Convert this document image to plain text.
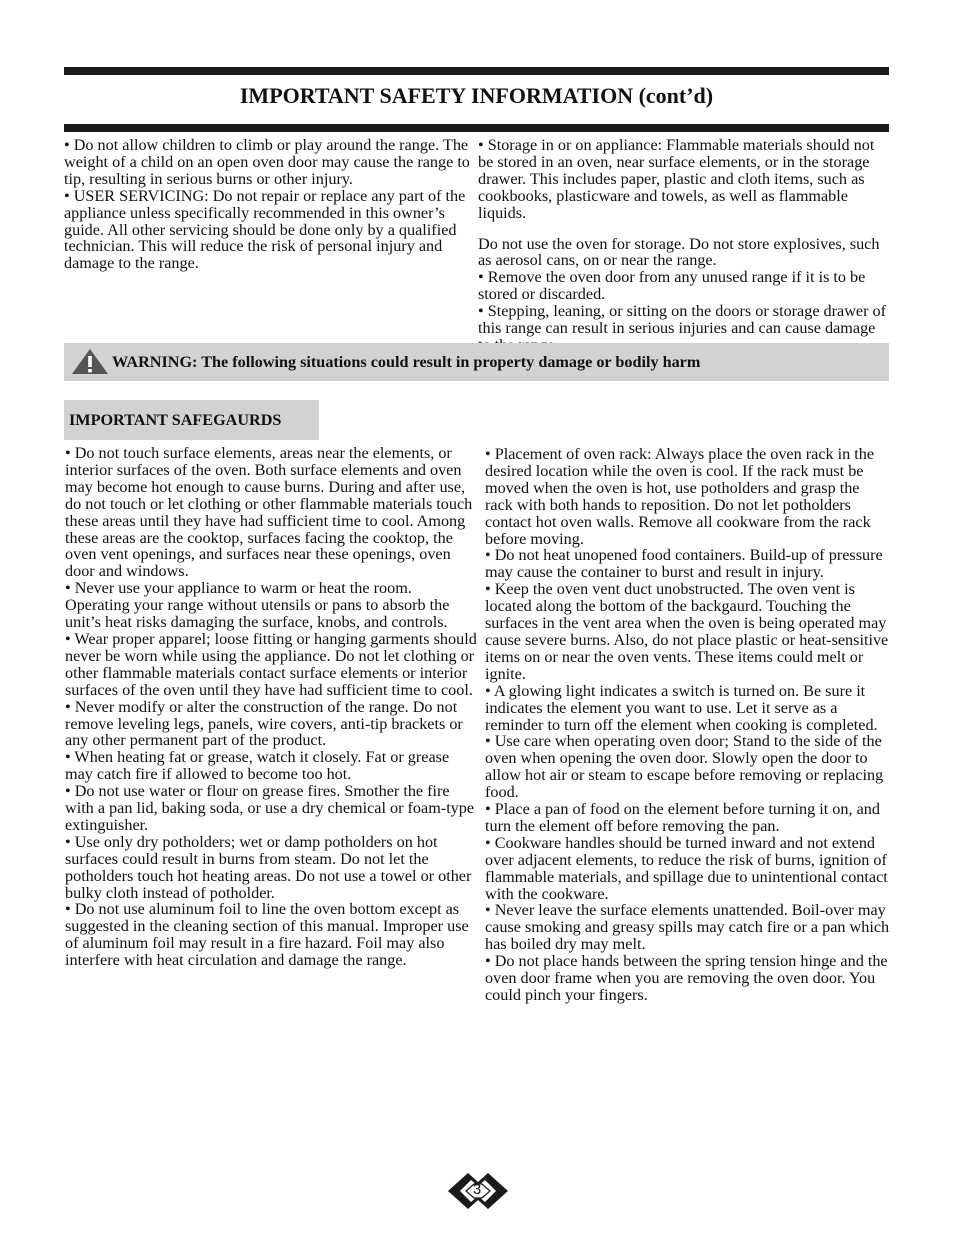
IMPORTANT SAFETY INFORMATION (cont’d)

• Do not allow children to climb or play around the range. The weight of a child on an open oven door may cause the range to tip, resulting in serious burns or other injury.

• USER SERVICING: Do not repair or replace any part of the appliance unless specifically recommended in this owner’s guide. All other servicing should be done only by a qualified technician. This will reduce the risk of personal injury and damage to the range.

• Storage in or on appliance: Flammable materials should not be stored in an oven, near surface elements, or in the storage drawer. This includes paper, plastic and cloth items, such as cookbooks, plasticware and towels, as well as flammable liquids.

Do not use the oven for storage. Do not store explosives, such as aerosol cans, on or near the range.

• Remove the oven door from any unused range if it is to be stored or discarded.

• Stepping, leaning, or sitting on the doors or storage drawer of this range can result in serious injuries and can cause damage

WARNING: The following situations could result in property damage or bodily harm
IMPORTANT SAFEGAURDS

• Do not touch surface elements, areas near the elements, or interior surfaces of the oven. Both surface elements and oven may become hot enough to cause burns. During and after use, do not touch or let clothing or other flammable materials touch these areas until they have had sufficient time to cool. Among these areas are the cooktop, surfaces facing the cooktop, the oven vent openings, and surfaces near these openings, oven door and windows.

• Never use your appliance to warm or heat the room. Operating your range without utensils or pans to absorb the unit’s heat risks damaging the surface, knobs, and controls.

• Wear proper apparel; loose fitting or hanging garments should never be worn while using the appliance. Do not let clothing or other flammable materials contact surface elements or interior surfaces of the oven until they have had sufficient time to cool.

• Never modify or alter the construction of the range. Do not remove leveling legs, panels, wire covers, anti-tip brackets or any other permanent part of the product.

• When heating fat or grease, watch it closely. Fat or grease may catch fire if allowed to become too hot.

• Do not use water or flour on grease fires. Smother the fire with a pan lid, baking soda, or use a dry chemical or foam-type extinguisher.

• Use only dry potholders; wet or damp potholders on hot surfaces could result in burns from steam. Do not let the potholders touch hot heating areas. Do not use a towel or other bulky cloth instead of potholder.

• Do not use aluminum foil to line the oven bottom except as suggested in the cleaning section of this manual. Improper use of aluminum foil may result in a fire hazard. Foil may also interfere with heat circulation and damage the range.

• Placement of oven rack: Always place the oven rack in the desired location while the oven is cool. If the rack must be moved when the oven is hot, use potholders and grasp the rack with both hands to reposition. Do not let potholders contact hot oven walls. Remove all cookware from the rack before moving.

• Do not heat unopened food containers. Build-up of pressure may cause the container to burst and result in injury.

• Keep the oven vent duct unobstructed. The oven vent is located along the bottom of the backgaurd. Touching the surfaces in the vent area when the oven is being operated may cause severe burns. Also, do not place plastic or heat-sensitive items on or near the oven vents. These items could melt or ignite.

• A glowing light indicates a switch is turned on. Be sure it indicates the element you want to use. Let it serve as a reminder to turn off the element when cooking is completed.

• Use care when operating oven door; Stand to the side of the oven when opening the oven door. Slowly open the door to allow hot air or steam to escape before removing or replacing food.

• Place a pan of food on the element before turning it on, and turn the element off before removing the pan.

• Cookware handles should be turned inward and not extend over adjacent elements, to reduce the risk of burns, ignition of flammable materials, and spillage due to unintentional contact with the cookware.

• Never leave the surface elements unattended. Boil-over may cause smoking and greasy spills may catch fire or a pan which has boiled dry may melt.

• Do not place hands between the spring tension hinge and the oven door frame when you are removing the oven door. You could pinch your fingers.

3
